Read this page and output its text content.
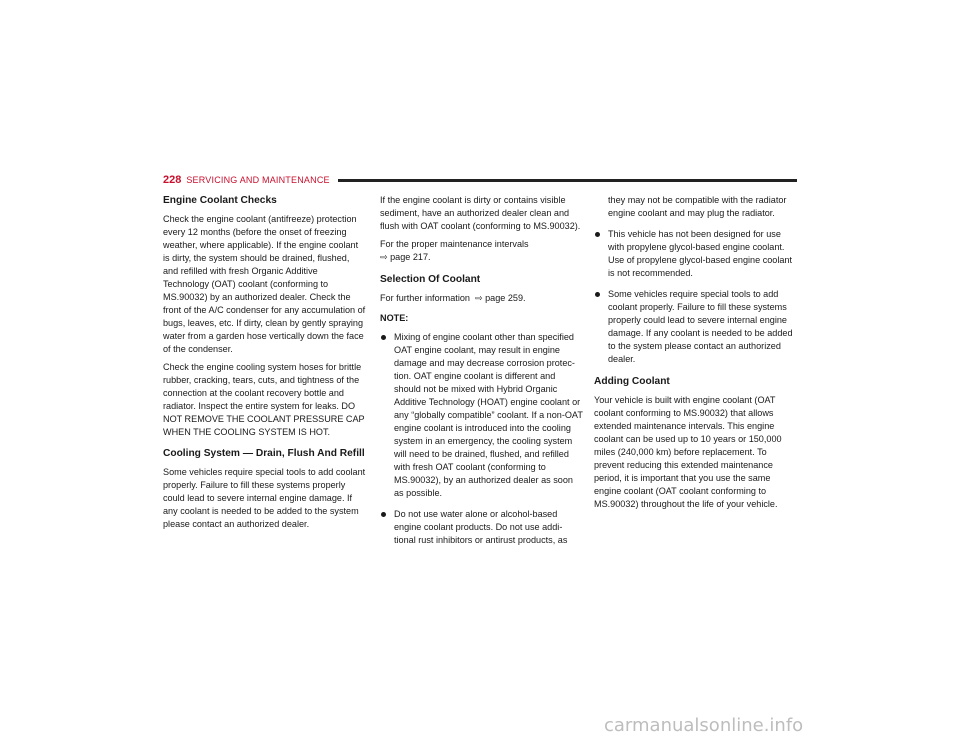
228 SERVICING AND MAINTENANCE
Engine Coolant Checks

Check the engine coolant (antifreeze) protection every 12 months (before the onset of freezing weather, where applicable). If the engine coolant is dirty, the system should be drained, flushed, and refilled with fresh Organic Additive Technology (OAT) coolant (conforming to MS.90032) by an authorized dealer. Check the front of the A/C condenser for any accumulation of bugs, leaves, etc. If dirty, clean by gently spraying water from a garden hose vertically down the face of the condenser.

Check the engine cooling system hoses for brittle rubber, cracking, tears, cuts, and tightness of the connection at the coolant recovery bottle and radiator. Inspect the entire system for leaks. DO NOT REMOVE THE COOLANT PRESSURE CAP WHEN THE COOLING SYSTEM IS HOT.

Cooling System — Drain, Flush And Refill

Some vehicles require special tools to add coolant properly. Failure to fill these systems properly could lead to severe internal engine damage. If any coolant is needed to be added to the system please contact an authorized dealer.

If the engine coolant is dirty or contains visible sediment, have an authorized dealer clean and flush with OAT coolant (conforming to MS.90032).

For the proper maintenance intervals
⇨ page 217.

Selection Of Coolant

For further information ⇨ page 259.

NOTE:
Mixing of engine coolant other than specified OAT engine coolant, may result in engine damage and may decrease corrosion protec-tion. OAT engine coolant is different and should not be mixed with Hybrid Organic Additive Technology (HOAT) engine coolant or any “globally compatible” coolant. If a non-OAT engine coolant is introduced into the cooling system in an emergency, the cooling system will need to be drained, flushed, and refilled with fresh OAT coolant (conforming to MS.90032), by an authorized dealer as soon as possible.
Do not use water alone or alcohol-based engine coolant products. Do not use addi-tional rust inhibitors or antirust products, as
they may not be compatible with the radiator engine coolant and may plug the radiator.
This vehicle has not been designed for use with propylene glycol-based engine coolant. Use of propylene glycol-based engine coolant is not recommended.
Some vehicles require special tools to add coolant properly. Failure to fill these systems properly could lead to severe internal engine damage. If any coolant is needed to be added to the system please contact an authorized dealer.
Adding Coolant

Your vehicle is built with engine coolant (OAT coolant conforming to MS.90032) that allows extended maintenance intervals. This engine coolant can be used up to 10 years or 150,000 miles (240,000 km) before replacement. To prevent reducing this extended maintenance period, it is important that you use the same engine coolant (OAT coolant conforming to MS.90032) throughout the life of your vehicle.

carmanualsonline.info
